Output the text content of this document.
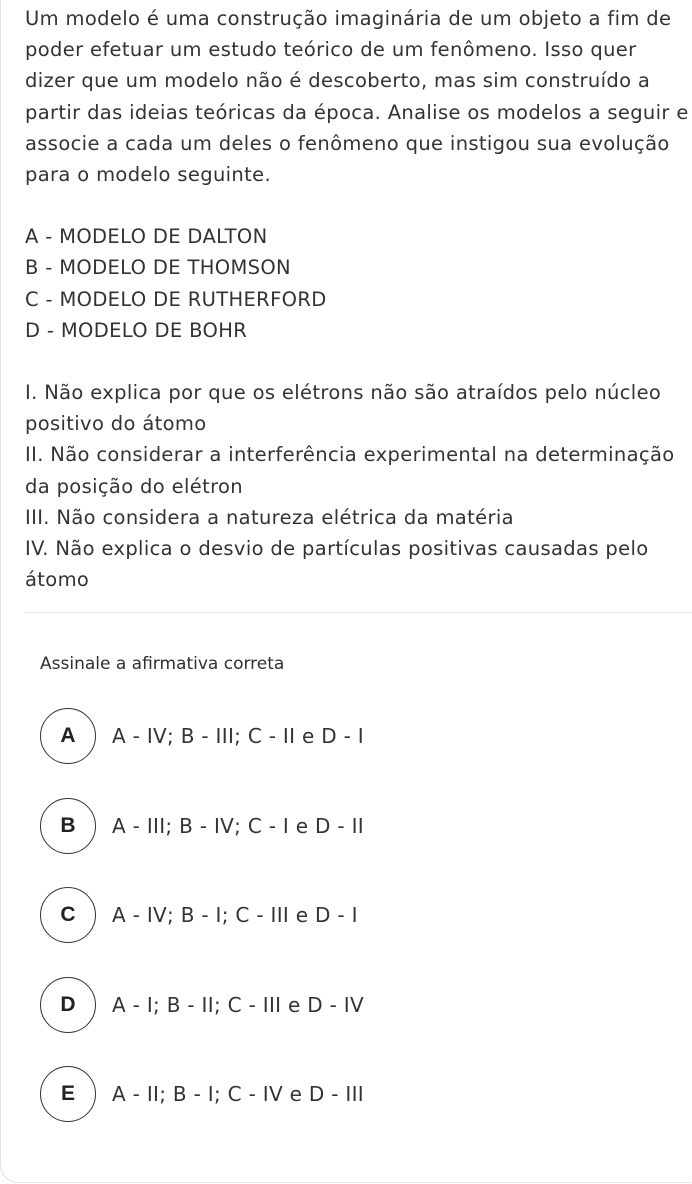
Um modelo é uma construção imaginária de um objeto a fim de poder efetuar um estudo teórico de um fenômeno. Isso quer dizer que um modelo não é descoberto, mas sim construído a partir das ideias teóricas da época. Analise os modelos a seguir e associe a cada um deles o fenômeno que instigou sua evolução para o modelo seguinte.

A - MODELO DE DALTON

B - MODELO DE THOMSON

C - MODELO DE RUTHERFORD

D - MODELO DE BOHR

I. Não explica por que os elétrons não são atraídos pelo núcleo positivo do átomo

II. Não considerar a interferência experimental na determinação da posição do elétron

III. Não considera a natureza elétrica da matéria

IV. Não explica o desvio de partículas positivas causadas pelo átomo

Assinale a afirmativa correta
A	A - IV; B - III; C - II e D - I
B	A - III; B - IV; C - I e D - II
C	A - IV; B - I; C - III e D - I
D	A - I; B - II; C - III e D - IV
E	A - II; B - I; C - IV e D - III
